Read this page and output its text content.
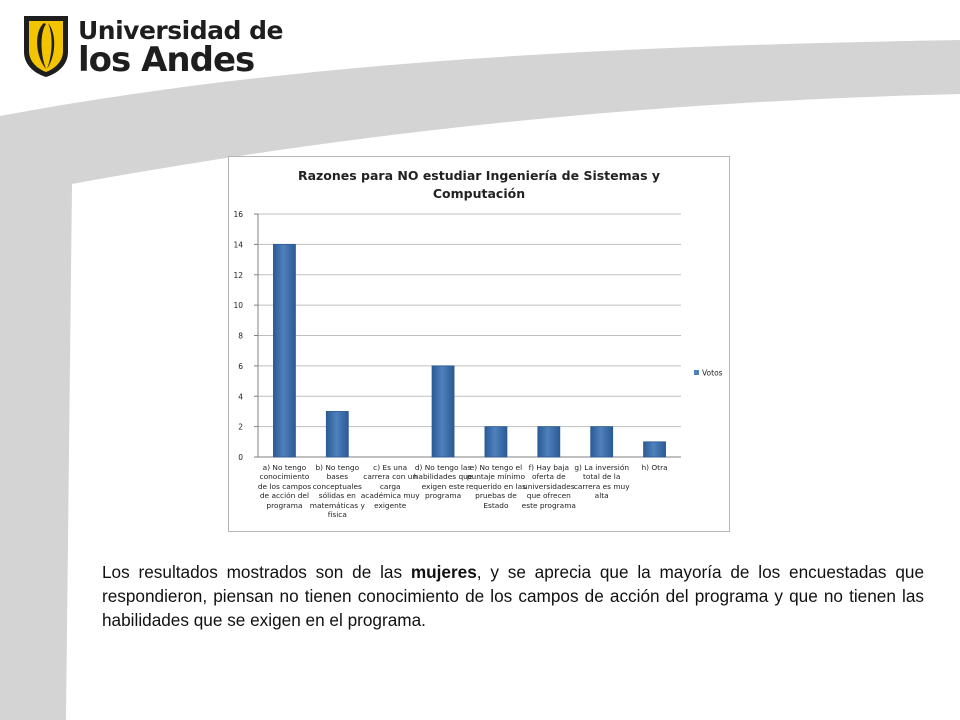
Universidad de
los Andes
0
2
4
6
8
10
12
14
16
Razones para NO estudiar Ingeniería de Sistemas y Computación
a) No tengo conocimiento de los campos de acción del programa
b) No tengo bases conceptuales sólidas en matemáticas y física
c) Es una carrera con un carga académica muy exigente
d) No tengo las habilidades que exigen este programa
e) No tengo el puntaje mínimo requerido en las pruebas de Estado
f) Hay baja oferta de universidades que ofrecen este programa
g) La inversión total de la carrera es muy alta
h) Otra
Votos
Los resultados mostrados son de las mujeres, y se aprecia que la mayoría de los encuestadas que respondieron, piensan no tienen conocimiento de los campos de acción del programa y que no tienen las habilidades que se exigen en el programa.
